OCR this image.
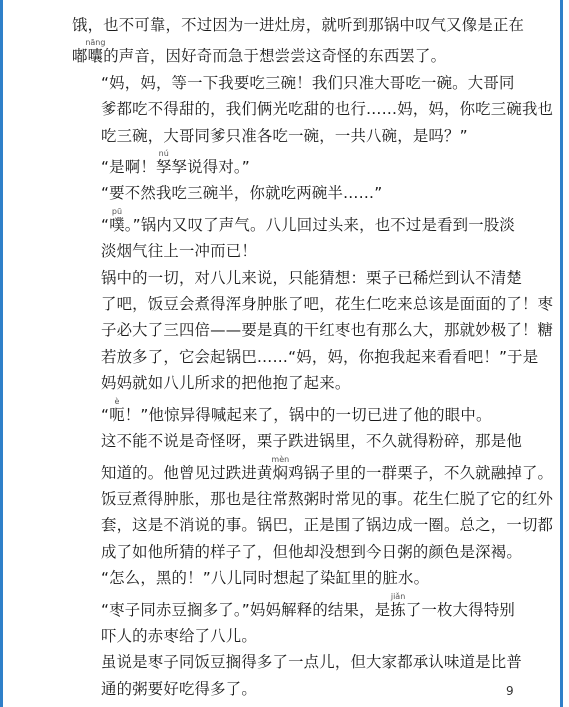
饿，也不可靠，不过因为一进灶房，就听到那锅中叹气又像是正在
嘟囔nāng的声音，因好奇而急于想尝尝这奇怪的东西罢了。
“妈，妈，等一下我要吃三碗！我们只准大哥吃一碗。大哥同
爹都吃不得甜的，我们俩光吃甜的也行……妈，妈，你吃三碗我也
吃三碗，大哥同爹只准各吃一碗，一共八碗，是吗？”
“是啊！孥nú孥说得对。”
“要不然我吃三碗半，你就吃两碗半……”
“噗pū。”锅内又叹了声气。八儿回过头来，也不过是看到一股淡
淡烟气往上一冲而已！
锅中的一切，对八儿来说，只能猜想：栗子已稀烂到认不清楚
了吧，饭豆会煮得浑身肿胀了吧，花生仁吃来总该是面面的了！枣
子必大了三四倍——要是真的干红枣也有那么大，那就妙极了！糖
若放多了，它会起锅巴……“妈，妈，你抱我起来看看吧！”于是
妈妈就如八儿所求的把他抱了起来。
“呃è！”他惊异得喊起来了，锅中的一切已进了他的眼中。
这不能不说是奇怪呀，栗子跌进锅里，不久就得粉碎，那是他
知道的。他曾见过跌进黄焖mèn鸡锅子里的一群栗子，不久就融掉了。
饭豆煮得肿胀，那也是往常熬粥时常见的事。花生仁脱了它的红外
套，这是不消说的事。锅巴，正是围了锅边成一圈。总之，一切都
成了如他所猜的样子了，但他却没想到今日粥的颜色是深褐。
“怎么，黑的！”八儿同时想起了染缸里的脏水。
“枣子同赤豆搁多了。”妈妈解释的结果，是拣jiǎn了一枚大得特别
吓人的赤枣给了八儿。
虽说是枣子同饭豆搁得多了一点儿，但大家都承认味道是比普
通的粥要好吃得多了。	9
